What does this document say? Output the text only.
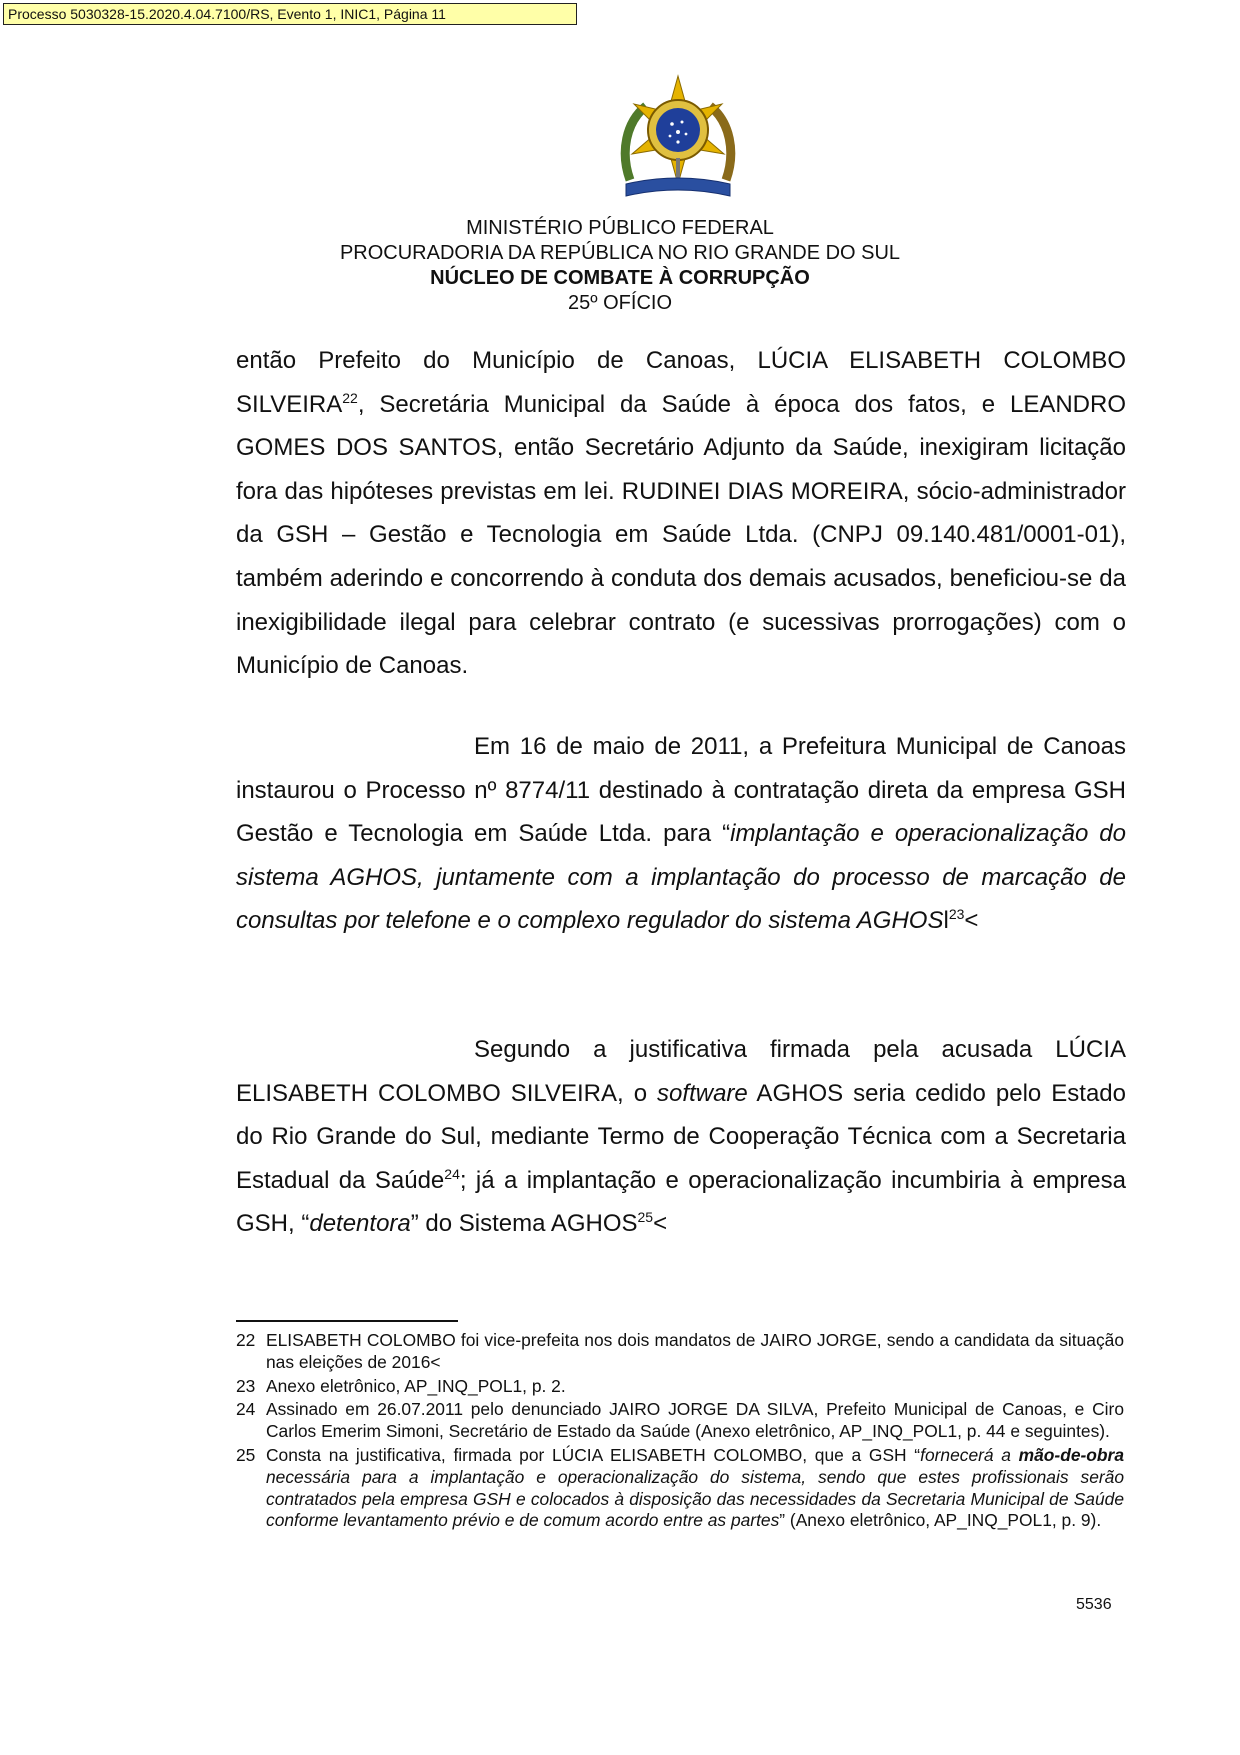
Processo 5030328-15.2020.4.04.7100/RS, Evento 1, INIC1, Página 11
MINISTÉRIO PÚBLICO FEDERAL
PROCURADORIA DA REPÚBLICA NO RIO GRANDE DO SUL
NÚCLEO DE COMBATE À CORRUPÇÃO
25º OFÍCIO

então Prefeito do Município de Canoas, LÚCIA ELISABETH COLOMBO SILVEIRA$^{22}$, Secretária Municipal da Saúde à época dos fatos, e LEANDRO GOMES DOS SANTOS, então Secretário Adjunto da Saúde, inexigiram licitação fora das hipóteses previstas em lei. RUDINEI DIAS MOREIRA, sócio-administrador da GSH – Gestão e Tecnologia em Saúde Ltda. (CNPJ 09.140.481/0001-01), também aderindo e concorrendo à conduta dos demais acusados, beneficiou-se da inexigibilidade ilegal para celebrar contrato (e sucessivas prorrogações) com o Município de Canoas.

Em 16 de maio de 2011, a Prefeitura Municipal de Canoas instaurou o Processo nº 8774/11 destinado à contratação direta da empresa GSH Gestão e Tecnologia em Saúde Ltda. para “implantação e operacionalização do sistema AGHOS, juntamente com a implantação do processo de marcação de consultas por telefone e o complexo regulador do sistema AGHOSl$^{23}$<

Segundo a justificativa firmada pela acusada LÚCIA ELISABETH COLOMBO SILVEIRA, o software AGHOS seria cedido pelo Estado do Rio Grande do Sul, mediante Termo de Cooperação Técnica com a Secretaria Estadual da Saúde$^{24}$; já a implantação e operacionalização incumbiria à empresa GSH, “detentora” do Sistema $AGHOS^{25}<$

22 ELISABETH COLOMBO foi vice-prefeita nos dois mandatos de JAIRO JORGE, sendo a candidata da situação nas eleições de 2016<
23 Anexo eletrônico, AP_INQ_POL1, p. 2.
24 Assinado em 26.07.2011 pelo denunciado JAIRO JORGE DA SILVA, Prefeito Municipal de Canoas, e Ciro Carlos Emerim Simoni, Secretário de Estado da Saúde (Anexo eletrônico, AP_INQ_POL1, p. 44 e seguintes).
25 Consta na justificativa, firmada por LÚCIA ELISABETH COLOMBO, que a GSH “fornecerá a mão-de-obra necessária para a implantação e operacionalização do sistema, sendo que estes profissionais serão contratados pela empresa GSH e colocados à disposição das necessidades da Secretaria Municipal de Saúde conforme levantamento prévio e de comum acordo entre as partes” (Anexo eletrônico, AP_INQ_POL1, p. 9).
5536
